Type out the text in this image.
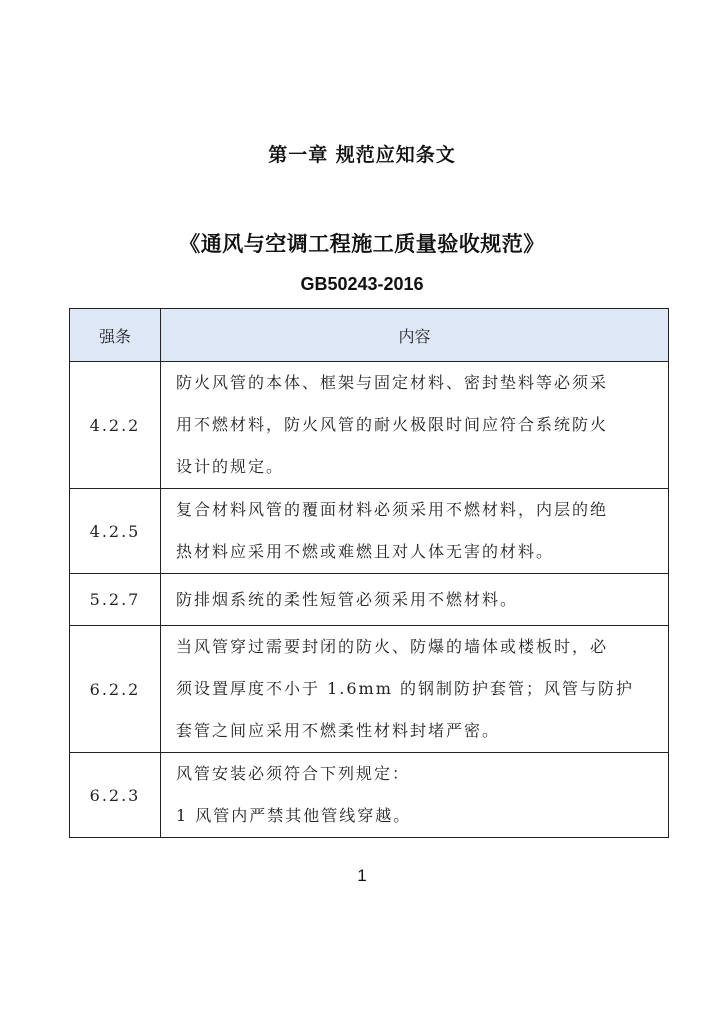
第一章 规范应知条文
《通风与空调工程施工质量验收规范》
GB50243-2016
强条	内容
4.2.2	防火风管的本体、框架与固定材料、密封垫料等必须采
用不燃材料，防火风管的耐火极限时间应符合系统防火
设计的规定。

4.2.5	复合材料风管的覆面材料必须采用不燃材料，内层的绝
热材料应采用不燃或难燃且对人体无害的材料。

5.2.7	防排烟系统的柔性短管必须采用不燃材料。

6.2.2	当风管穿过需要封闭的防火、防爆的墙体或楼板时，必
须设置厚度不小于 1.6mm 的钢制防护套管；风管与防护
套管之间应采用不燃柔性材料封堵严密。

6.2.3	风管安装必须符合下列规定：
1 风管内严禁其他管线穿越。
1
